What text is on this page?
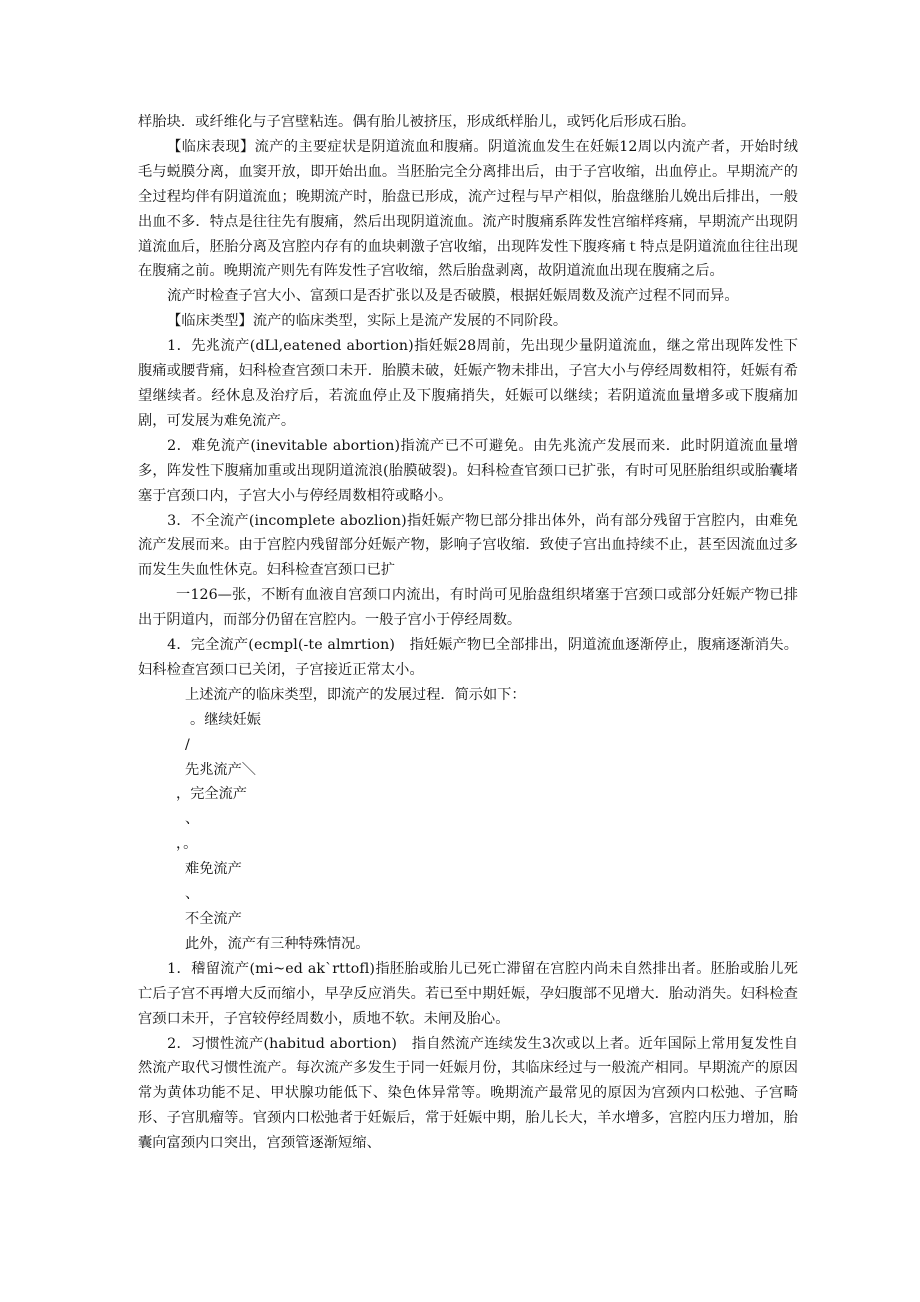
样胎块．或纤维化与子宫壁粘连。偶有胎儿被挤压，形成纸样胎儿，或钙化后形成石胎。

【临床表现】流产的主要症状是阴道流血和腹痛。阴道流血发生在妊娠12周以内流产者，开始时绒毛与蜕膜分离，血窦开放，即开始出血。当胚胎完全分离排出后，由于子宫收缩，出血停止。早期流产的全过程均伴有阴道流血；晚期流产时，胎盘已形成，流产过程与早产相似，胎盘继胎儿娩出后排出，一般出血不多．特点是往往先有腹痛，然后出现阴道流血。流产时腹痛系阵发性宫缩样疼痛，早期流产出现阴道流血后，胚胎分离及宫腔内存有的血块刺激子宫收缩，出现阵发性下腹疼痛ｔ特点是阴道流血往往出现在腹痛之前。晚期流产则先有阵发性子宫收缩，然后胎盘剥离，故阴道流血出现在腹痛之后。

流产时检查子宫大小、富颈口是否扩张以及是否破膜，根据妊娠周数及流产过程不同而异。

【临床类型】流产的临床类型，实际上是流产发展的不同阶段。

1．先兆流产(dLl,eatened abortion)指妊娠28周前，先出现少量阴道流血，继之常出现阵发性下腹痛或腰背痛，妇科检查宫颈口未开．胎膜未破，妊娠产物未排出，子宫大小与停经周数相符，妊娠有希望继续者。经休息及治疗后，若流血停止及下腹痛捎失，妊娠可以继续；若阴道流血量增多或下腹痛加剧，可发展为难免流产。

2．难免流产(inevitable abortion)指流产已不可避免。由先兆流产发展而来．此时阴道流血量增多，阵发性下腹痛加重或出现阴道流浪(胎膜破裂)。妇科检查官颈口已扩张，有时可见胚胎组织或胎囊堵塞于宫颈口内，子宫大小与停经周数相符或略小。

3．不全流产(incomplete abozlion)指妊娠产物巳部分排出体外，尚有部分残留于宫腔内，由难免流产发展而来。由于宫腔内残留部分妊娠产物，影响子宫收缩．致使子宫出血持续不止，甚至因流血过多而发生失血性休克。妇科检查宫颈口已扩

一126—张，不断有血液自宫颈口内流出，有时尚可见胎盘组织堵塞于宫颈口或部分妊娠产物已排出于阴道内，而部分仍留在宫腔内。一般子宫小于停经周数。

4．完全流产(ecmpl(-te almrtion)　指妊娠产物巳全部排出，阴道流血逐渐停止，腹痛逐渐消失。妇科检查宫颈口已关闭，子宫接近正常太小。

上述流产的临床类型，即流产的发展过程．简示如下：

。继续妊娠

/

先兆流产＼

，完全流产

、

，。

难免流产

、

不全流产

此外，流产有三种特殊情况。

1．稽留流产(mi~ed ak`rttofl)指胚胎或胎儿已死亡滞留在宫腔内尚未自然排出者。胚胎或胎儿死亡后子宫不再增大反而缩小，早孕反应消失。若已至中期妊娠，孕妇腹部不见增大．胎动消失。妇科检查宫颈口未开，子宫较停经周数小，质地不软。未闸及胎心。

2．习惯性流产(habitud abortion)　指自然流产连续发生3次或以上者。近年国际上常用复发性自然流产取代习惯性流产。每次流产多发生于同一妊娠月份，其临床经过与一般流产相同。早期流产的原因常为黄体功能不足、甲状腺功能低下、染色体异常等。晚期流产最常见的原因为宫颈内口松弛、子宫畸形、子宫肌瘤等。官颈内口松弛者于妊娠后，常于妊娠中期，胎儿长大，羊水增多，宫腔内压力增加，胎囊向富颈内口突出，宫颈管逐渐短缩、
